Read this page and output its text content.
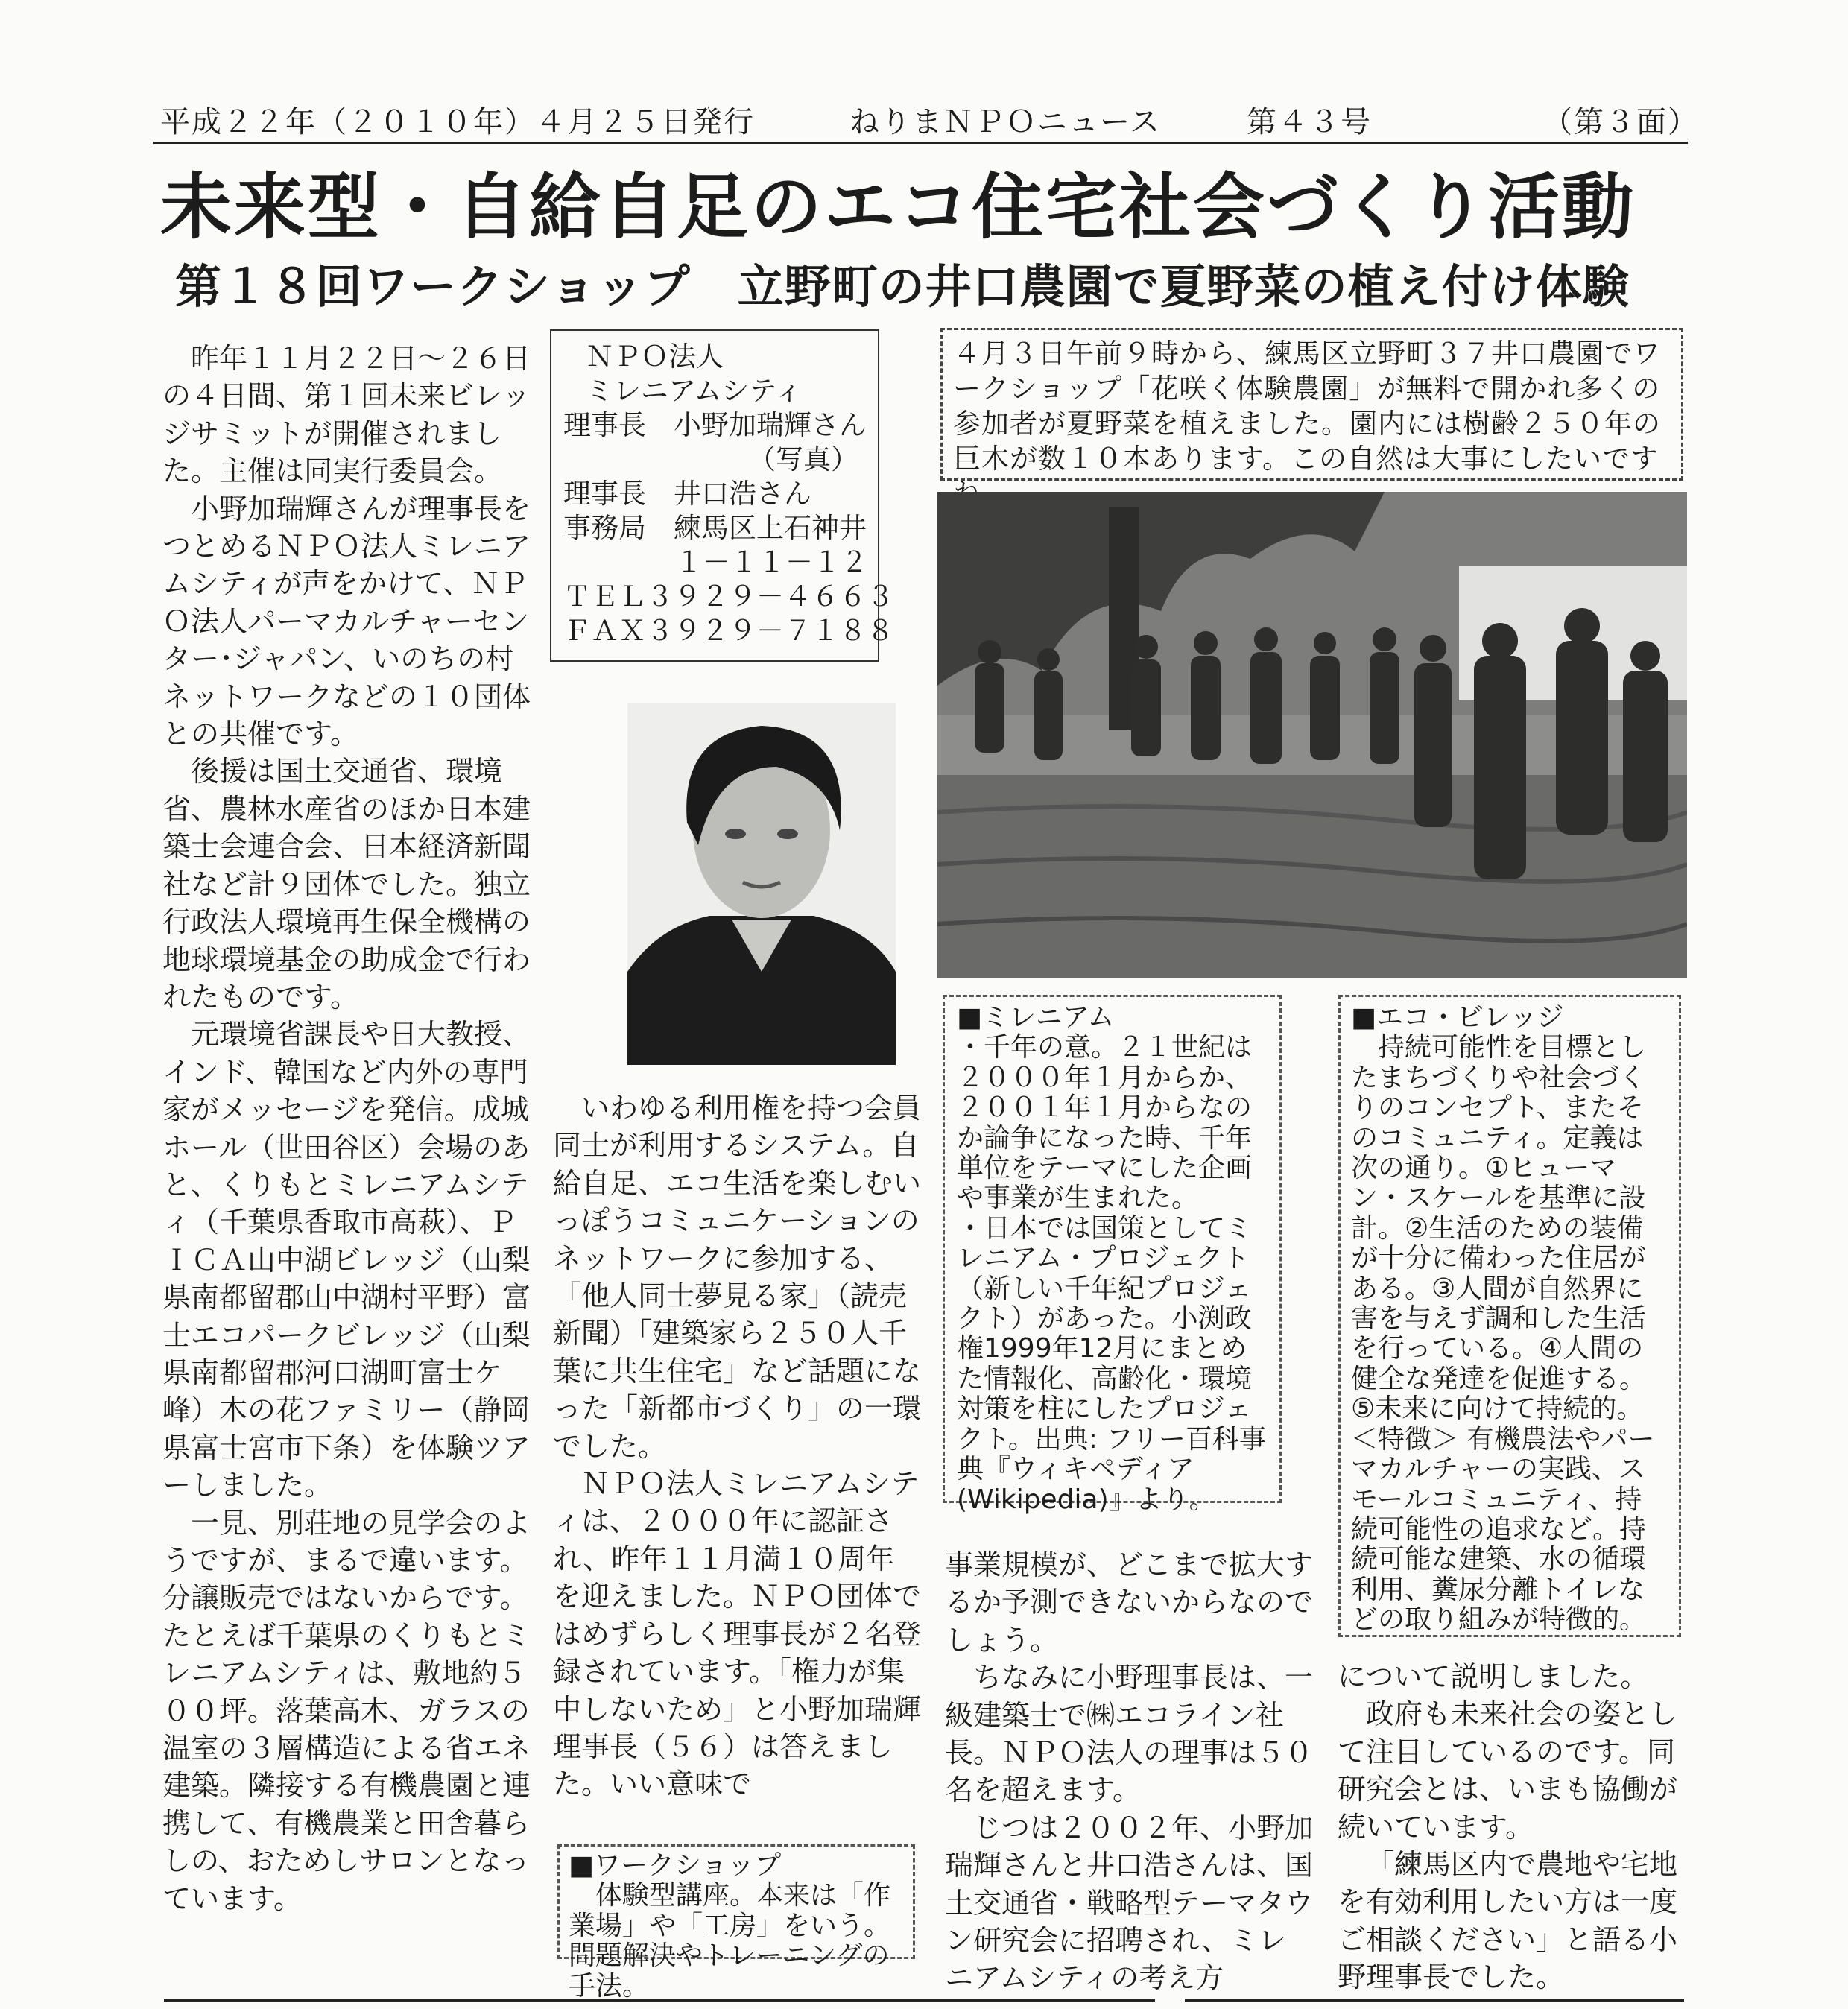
平成２２年（２０１０年）４月２５日発行	ねりまＮＰＯニュース	第４３号	（第３面）
未来型・自給自足のエコ住宅社会づくり活動
第１８回ワークショップ　立野町の井口農園で夏野菜の植え付け体験

昨年１１月２２日～２６日の４日間、第１回未来ビレッジサミットが開催されました。主催は同実行委員会。

小野加瑞輝さんが理事長をつとめるＮＰＯ法人ミレニアムシティが声をかけて、ＮＰＯ法人パーマカルチャーセンター･ジャパン、いのちの村ネットワークなどの１０団体との共催です。

後援は国土交通省、環境省、農林水産省のほか日本建築士会連合会、日本経済新聞社など計９団体でした。独立行政法人環境再生保全機構の地球環境基金の助成金で行われたものです。

元環境省課長や日大教授、インド、韓国など内外の専門家がメッセージを発信。成城ホール（世田谷区）会場のあと、くりもとミレニアムシティ（千葉県香取市高萩）、ＰＩＣＡ山中湖ビレッジ（山梨県南都留郡山中湖村平野）富士エコパークビレッジ（山梨県南都留郡河口湖町富士ケ峰）木の花ファミリー（静岡県富士宮市下条）を体験ツアーしました。

一見、別荘地の見学会のようですが、まるで違います。分譲販売ではないからです。たとえば千葉県のくりもとミレニアムシティは、敷地約５００坪。落葉高木、ガラスの温室の３層構造による省エネ建築。隣接する有機農園と連携して、有機農業と田舎暮らしの、おためしサロンとなっています。

ＮＰＯ法人
ミレニアムシティ
理事長　 小野加瑞輝さん
（写真）
理事長　 井口浩さん
事務局　 練馬区上石神井
１－１１－１２
ＴＥＬ３９２９－４６６３
ＦＡＸ３９２９－７１８８

いわゆる利用権を持つ会員同士が利用するシステム。自給自足、エコ生活を楽しむいっぽうコミュニケーションのネットワークに参加する、「他人同士夢見る家」（読売新聞）「建築家ら２５０人千葉に共生住宅」など話題になった「新都市づくり」の一環でした。

ＮＰＯ法人ミレニアムシティは、２０００年に認証され、昨年１１月満１０周年を迎えました。ＮＰＯ団体ではめずらしく理事長が２名登録されています。「権力が集中しないため」と小野加瑞輝理事長（５６）は答えました。いい意味で

■ワークショップ
体験型講座。本来は「作業場」や「工房」をいう。問題解決やトレーニングの手法。
４月３日午前９時から、練馬区立野町３７井口農園でワークショップ「花咲く体験農園」が無料で開かれ多くの参加者が夏野菜を植えました。園内には樹齢２５０年の巨木が数１０本あります。この自然は大事にしたいです
■ミレニアム
・千年の意。２１世紀は２０００年１月からか、２００１年１月からなのか論争になった時、千年単位をテーマにした企画や事業が生まれた。
・日本では国策としてミレニアム・プロジェクト（新しい千年紀プロジェクト）があった。小渕政権1999年12月にまとめた情報化、高齢化・環境対策を柱にしたプロジェクト。出典: フリー百科事典『ウィキペディア (Wikipedia)』より。
■エコ・ビレッジ
持続可能性を目標としたまちづくりや社会づくりのコンセプト、またそのコミュニティ。定義は次の通り。①ヒューマン・スケールを基準に設計。②生活のための装備が十分に備わった住居がある。③人間が自然界に害を与えず調和した生活を行っている。④人間の健全な発達を促進する。⑤未来に向けて持続的。
＜特徴＞ 有機農法やパーマカルチャーの実践、スモールコミュニティ、持続可能性の追求など。持続可能な建築、水の循環利用、糞尿分離トイレなどの取り組みが特徴的。

事業規模が、どこまで拡大するか予測できないからなのでしょう。

ちなみに小野理事長は、一級建築士で㈱エコライン社長。ＮＰＯ法人の理事は５０名を超えます。

じつは２００２年、小野加瑞輝さんと井口浩さんは、国土交通省・戦略型テーマタウン研究会に招聘され、ミレニアムシティの考え方

について説明しました。

政府も未来社会の姿として注目しているのです。同研究会とは、いまも協働が続いています。

「練馬区内で農地や宅地を有効利用したい方は一度ご相談ください」と語る小野理事長でした。
